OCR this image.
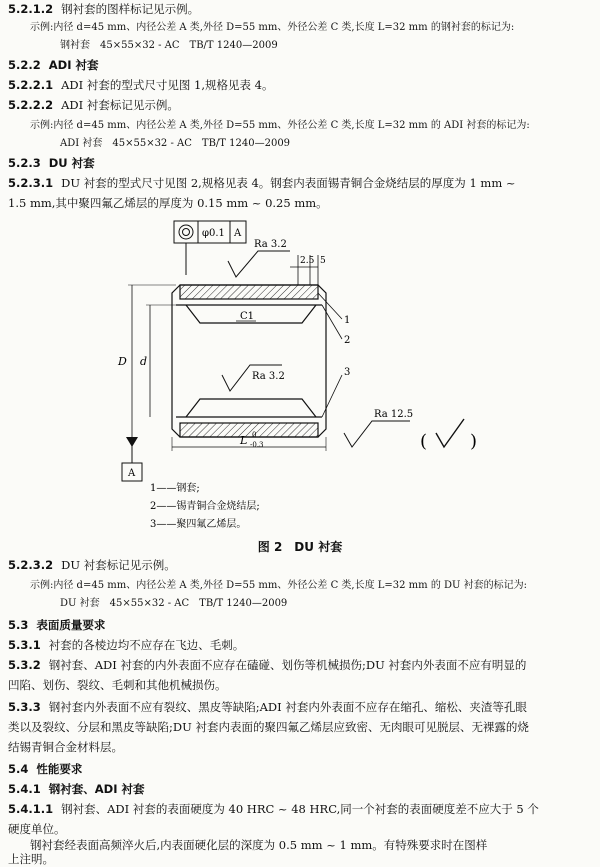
5.2.1.2 钢衬套的图样标记见示例。
示例:内径 d=45 mm、内径公差 A 类,外径 D=55 mm、外径公差 C 类,长度 L=32 mm 的钢衬套的标记为:
钢衬套　45×55×32 - AC　TB/T 1240—2009
5.2.2 ADI 衬套
5.2.2.1 ADI 衬套的型式尺寸见图 1,规格见表 4。
5.2.2.2 ADI 衬套标记见示例。
示例:内径 d=45 mm、内径公差 A 类,外径 D=55 mm、外径公差 C 类,长度 L=32 mm 的 ADI 衬套的标记为:
ADI 衬套　45×55×32 - AC　TB/T 1240—2009
5.2.3 DU 衬套
5.2.3.1 DU 衬套的型式尺寸见图 2,规格见表 4。钢套内表面锡青铜合金烧结层的厚度为 1 mm ~
1.5 mm,其中聚四氟乙烯层的厚度为 0.15 mm ~ 0.25 mm。
φ0.1 A
Ra 3.2
2.5 5
C1
Ra 3.2
1
2
3
D d
A
L 0
-0.3
Ra 12.5
( )
1——钢套;
2——锡青铜合金烧结层;
3——聚四氟乙烯层。
图 2　DU 衬套
5.2.3.2 DU 衬套标记见示例。
示例:内径 d=45 mm、内径公差 A 类,外径 D=55 mm、外径公差 C 类,长度 L=32 mm 的 DU 衬套的标记为:
DU 衬套　45×55×32 - AC　TB/T 1240—2009
5.3 表面质量要求
5.3.1 衬套的各棱边均不应存在飞边、毛刺。
5.3.2 钢衬套、ADI 衬套的内外表面不应存在磕碰、划伤等机械损伤;DU 衬套内外表面不应有明显的
凹陷、划伤、裂纹、毛刺和其他机械损伤。
5.3.3 钢衬套内外表面不应有裂纹、黑皮等缺陷;ADI 衬套内外表面不应存在缩孔、缩松、夹渣等孔眼
类以及裂纹、分层和黑皮等缺陷;DU 衬套内表面的聚四氟乙烯层应致密、无肉眼可见脱层、无裸露的烧
结锡青铜合金材料层。
5.4 性能要求
5.4.1 钢衬套、ADI 衬套
5.4.1.1 钢衬套、ADI 衬套的表面硬度为 40 HRC ~ 48 HRC,同一个衬套的表面硬度差不应大于 5 个
硬度单位。
钢衬套经表面高频淬火后,内表面硬化层的深度为 0.5 mm ~ 1 mm。有特殊要求时在图样
上注明。
